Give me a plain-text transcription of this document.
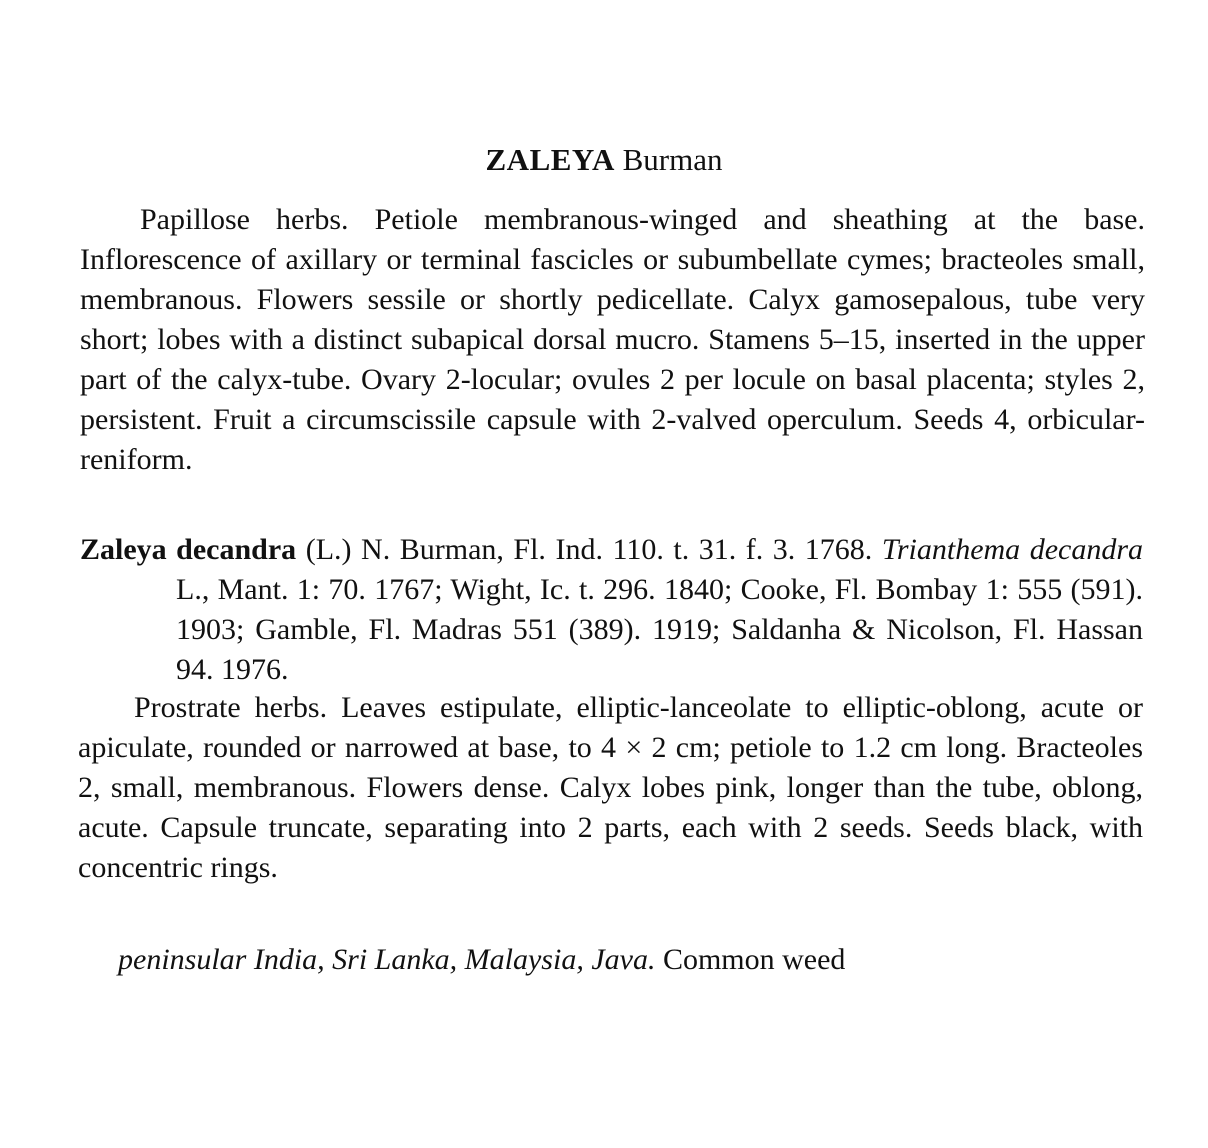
ZALEYA Burman

Papillose herbs. Petiole membranous-winged and sheathing at the base. Inflorescence of axillary or terminal fascicles or subumbellate cymes; bracteoles small, membranous. Flowers sessile or shortly pedicellate. Calyx gamosepalous, tube very short; lobes with a distinct subapical dorsal mucro. Stamens 5–15, inserted in the upper part of the calyx-tube. Ovary 2-locular; ovules 2 per locule on basal placenta; styles 2, persistent. Fruit a circumscissile capsule with 2-valved operculum. Seeds 4, orbicular-reniform.

Zaleya decandra (L.) N. Burman, Fl. Ind. 110. t. 31. f. 3. 1768. Trianthema decandra L., Mant. 1: 70. 1767; Wight, Ic. t. 296. 1840; Cooke, Fl. Bombay 1: 555 (591). 1903; Gamble, Fl. Madras 551 (389). 1919; Saldanha & Nicolson, Fl. Hassan 94. 1976.

Prostrate herbs. Leaves estipulate, elliptic-lanceolate to elliptic-oblong, acute or apiculate, rounded or narrowed at base, to 4 × 2 cm; petiole to 1.2 cm long. Bracteoles 2, small, membranous. Flowers dense. Calyx lobes pink, longer than the tube, oblong, acute. Capsule truncate, separating into 2 parts, each with 2 seeds. Seeds black, with concentric rings.

peninsular India, Sri Lanka, Malaysia, Java. Common weed
